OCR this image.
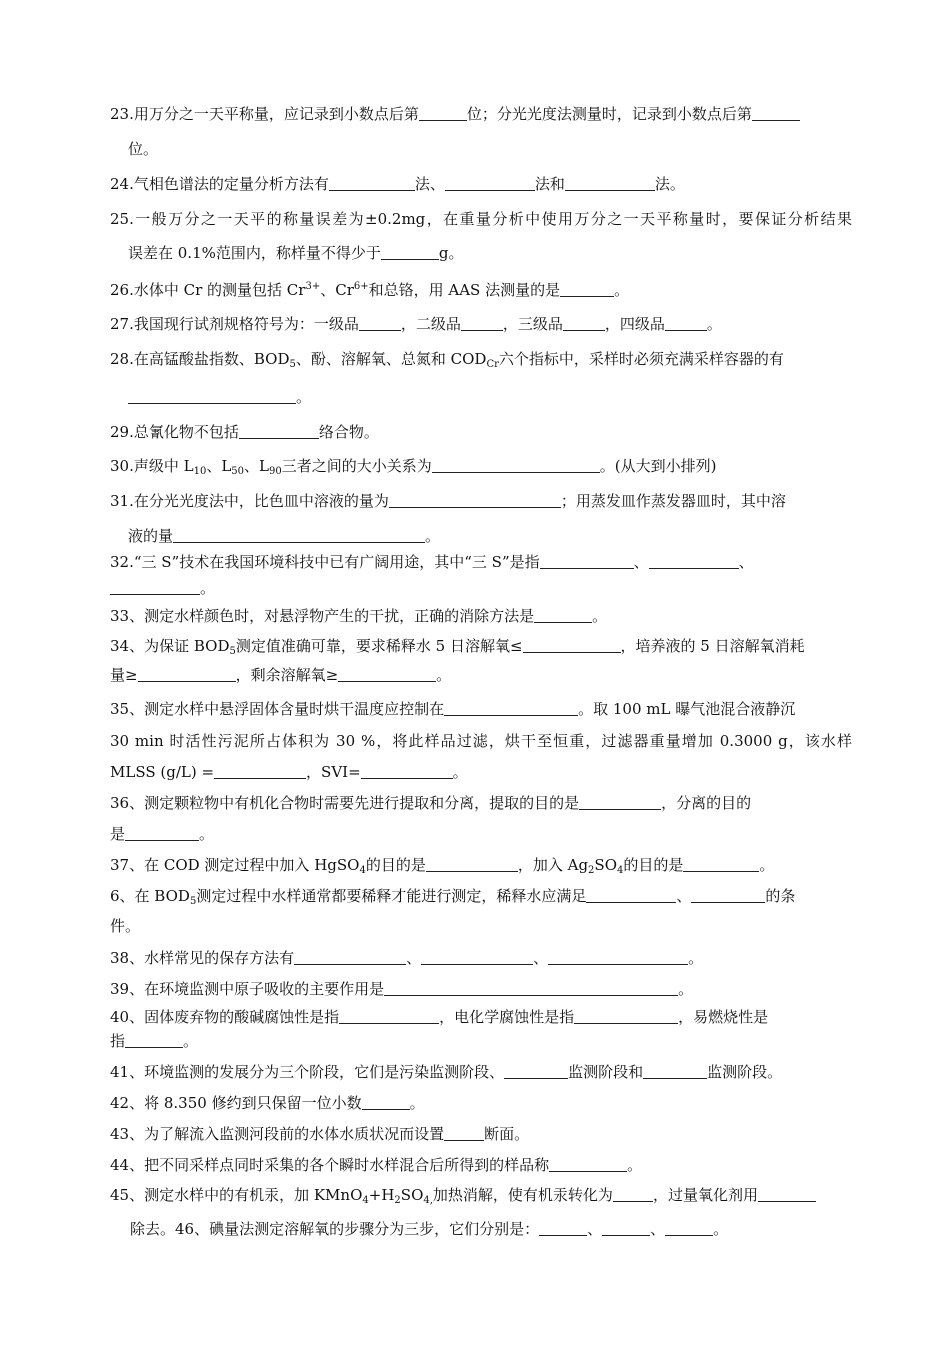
23.用万分之一天平称量，应记录到小数点后第	位；分光光度法测量时，记录到小数点后第
位。
24.气相色谱法的定量分析方法有	法、	法和	法。
25.一般万分之一天平的称量误差为±0.2mg，在重量分析中使用万分之一天平称量时，要保证分析结果
误差在 0.1%范围内，称样量不得少于	g。
26.水体中 Cr 的测量包括 $Cr^{3+}$、$Cr^{6+}$和总铬，用 AAS 法测量的是	。
27.我国现行试剂规格符号为：一级品	，二级品	，三级品	，四级品	。
28.在高锰酸盐指数、$BOD_5$、酚、溶解氧、总氮和 $COD_{Cr}$六个指标中，采样时必须充满采样容器的有
。
29.总氰化物不包括	络合物。
30.声级中 $L_{10}$、$L_{50}$、$L_{90}$三者之间的大小关系为	。(从大到小排列)
31.在分光光度法中，比色皿中溶液的量为	；用蒸发皿作蒸发器皿时，其中溶
液的量	。
32.“三 S”技术在我国环境科技中已有广阔用途，其中“三 S”是指	、	、
。
33、测定水样颜色时，对悬浮物产生的干扰，正确的消除方法是	。
34、为保证 $BOD_5$测定值准确可靠，要求稀释水 5 日溶解氧≤	，培养液的 5 日溶解氧消耗
量≥	，剩余溶解氧≥	。
35、测定水样中悬浮固体含量时烘干温度应控制在	。取 100 mL 曝气池混合液静沉
30 min 时活性污泥所占体积为 30 %，将此样品过滤，烘干至恒重，过滤器重量增加 0.3000 g，该水样
MLSS (g/L) =	，SVI=	。
36、测定颗粒物中有机化合物时需要先进行提取和分离，提取的目的是	，分离的目的
是	。
37、在 COD 测定过程中加入 HgSO$_4$的目的是	，加入 $Ag_2SO_4$的目的是	。
6、在 $BOD_5$测定过程中水样通常都要稀释才能进行测定，稀释水应满足	、	的条
件。
38、水样常见的保存方法有	、	、	。
39、在环境监测中原子吸收的主要作用是	。
40、固体废弃物的酸碱腐蚀性是指	，电化学腐蚀性是指	，易燃烧性是
指	。
41、环境监测的发展分为三个阶段，它们是污染监测阶段、	监测阶段和	监测阶段。
42、将 8.350 修约到只保留一位小数	。
43、为了解流入监测河段前的水体水质状况而设置	断面。
44、把不同采样点同时采集的各个瞬时水样混合后所得到的样品称	。
45、测定水样中的有机汞，加 $KMnO_4+H_2SO_{4,}$加热消解，使有机汞转化为	，过量氧化剂用
除去。46、碘量法测定溶解氧的步骤分为三步，它们分别是：	、	、	。
